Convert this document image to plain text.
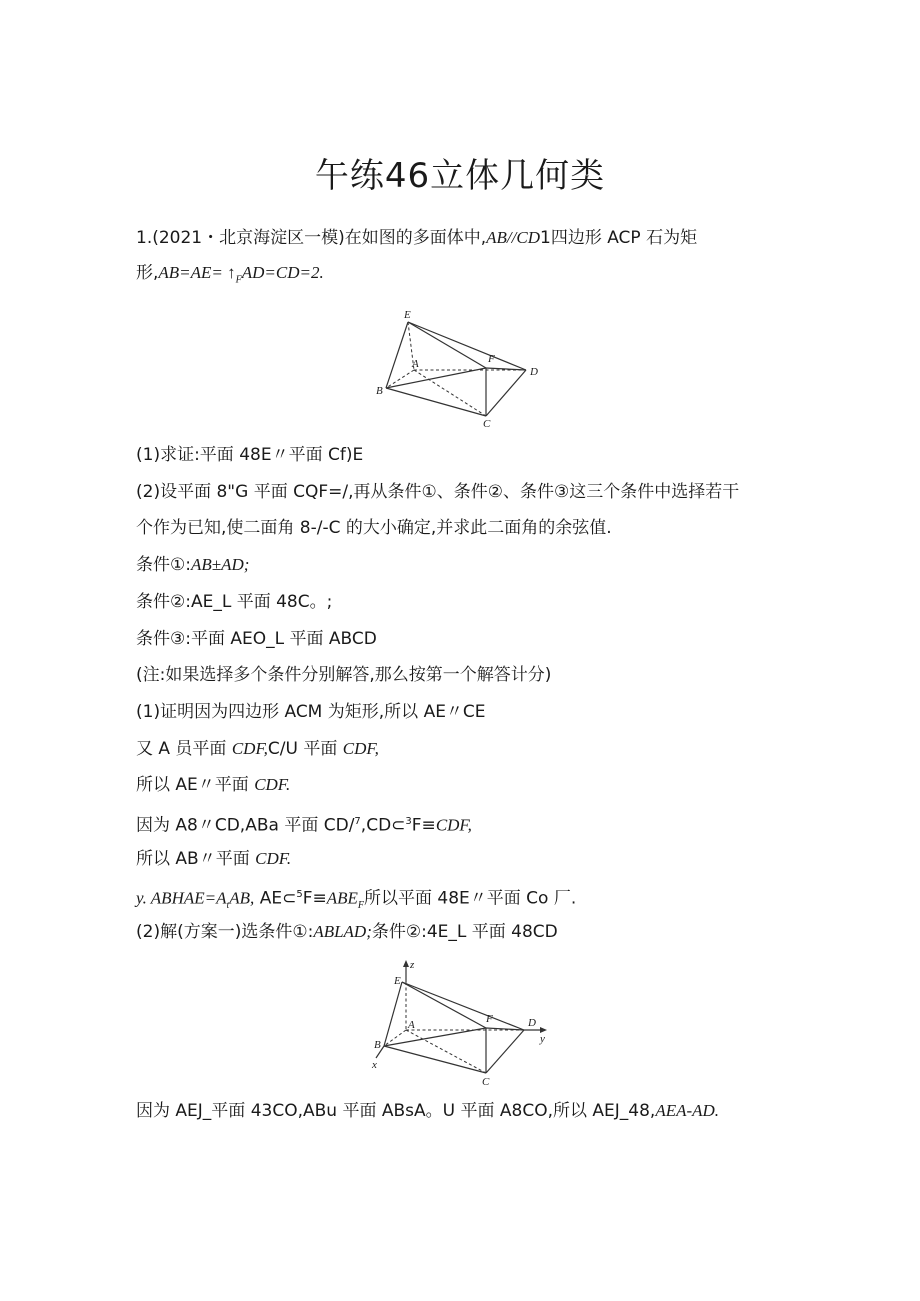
午练46立体几何类
1.(2021・北京海淀区一模)在如图的多面体中,AB//CD1四边形 ACP 石为矩
形$,AB=AE= ↑_FAD=CD=2$.
E
A	F
D
B
C
(1)求证:平面 48E〃平面 Cf)E
(2)设平面 8"G 平面 CQF=/,再从条件①、条件②、条件③这三个条件中选择若干
个作为已知,使二面角 8-/-C 的大小确定,并求此二面角的余弦值.
条件①:AB±AD;
条件②:AE_L 平面 48C。;
条件③:平面 AEO_L 平面 ABCD
(注:如果选择多个条件分别解答,那么按第一个解答计分)
(1)证明因为四边形 ACM 为矩形,所以 AE〃CE
又 A 员平面 CDF,C/U 平面 CDF,
所以 AE〃平面 CDF.
因为 A8〃CD,ABa 平面 CD/$^7$,CD⊂$^3$F≡CDF,
所以 AB〃平面 CDF.
y. $ABHAE=A_tAB$, $AE\subset^5F\equiv ABE_F$所以平面 48E〃平面 Co 厂.
(2)解(方案一)选条件①:ABLAD;条件②:4E_L 平面 48CD
z
E
A	F	D
y
B
x
C
因为 AEJ_平面 43CO,ABu 平面 ABsA。U 平面 A8CO,所以 AEJ_48,AEA-AD.
